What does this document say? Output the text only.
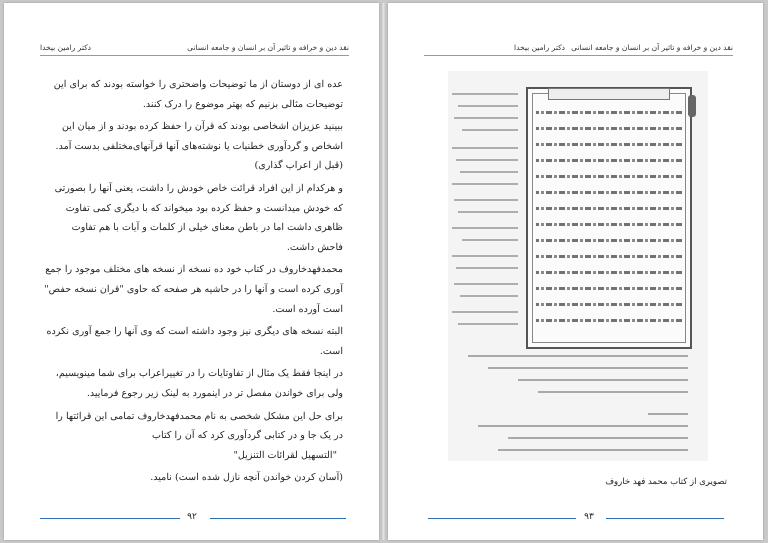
نقد دین و خرافه و تاثیر آن بر انسان و جامعه انسانی
دکتر رامین بیخدا

عده ای از دوستان از ما توضیحات واضحتری را خواسته بودند که برای این توضیحات مثالی بزنیم که بهتر موضوع را درک کنند.

ببینید عزیزان اشخاصی بودند که قرآن را حفظ کرده بودند و از میان این اشخاص و گردآوری خطنیات یا نوشته‌های آنها قرآنهای‌مختلفی بدست آمد. (قبل از اعراب گذاری)

و هرکدام از این افراد قرائت خاص خودش را داشت، یعنی آنها را بصورتی که خودش میدانست و حفظ کرده بود میخواند که با دیگری کمی تفاوت ظاهری داشت اما در باطن معنای خیلی از کلمات و آیات با هم تفاوت فاحش داشت.

محمدفهدخاروف در کتاب خود ده نسخه از نسخه های مختلف موجود را جمع آوری کرده است و آنها را در حاشیه هر صفحه که حاوی "قران نسخه حفص" است آورده است.

البته نسخه های دیگری نیز وجود داشته است که وی آنها را جمع آوری نکرده است.

در اینجا فقط یک مثال از تفاوتایات را در تغییراعراب برای شما مینویسیم، ولی برای خواندن مفصل تر در اینمورد به لینک زیر رجوع فرمایید.

برای حل این مشکل شخصی به نام محمدفهدخاروف تمامی این قرائتها را در یک جا و در کتابی گردآوری کرد که آن را کتاب

"التسهیل لقرائات التنزیل"

(آسان کردن خواندن آنچه نازل شده است) نامید.

۹۲
نقد دین و خرافه و تاثیر آن بر انسان و جامعه انسانی
دکتر رامین بیخدا
تصویری از کتاب محمد فهد خاروف
۹۳
